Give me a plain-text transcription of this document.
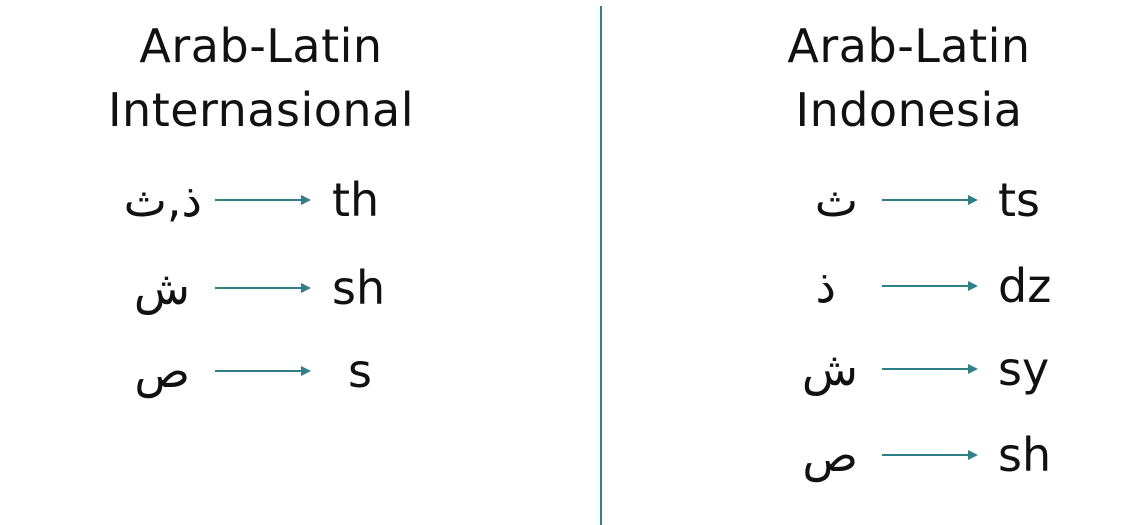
Arab-Latin
Internasional
ذ,ث	th
ش	sh
ص	s
Arab-Latin
Indonesia
ث	ts
ذ	dz
ش	sy
ص	sh
